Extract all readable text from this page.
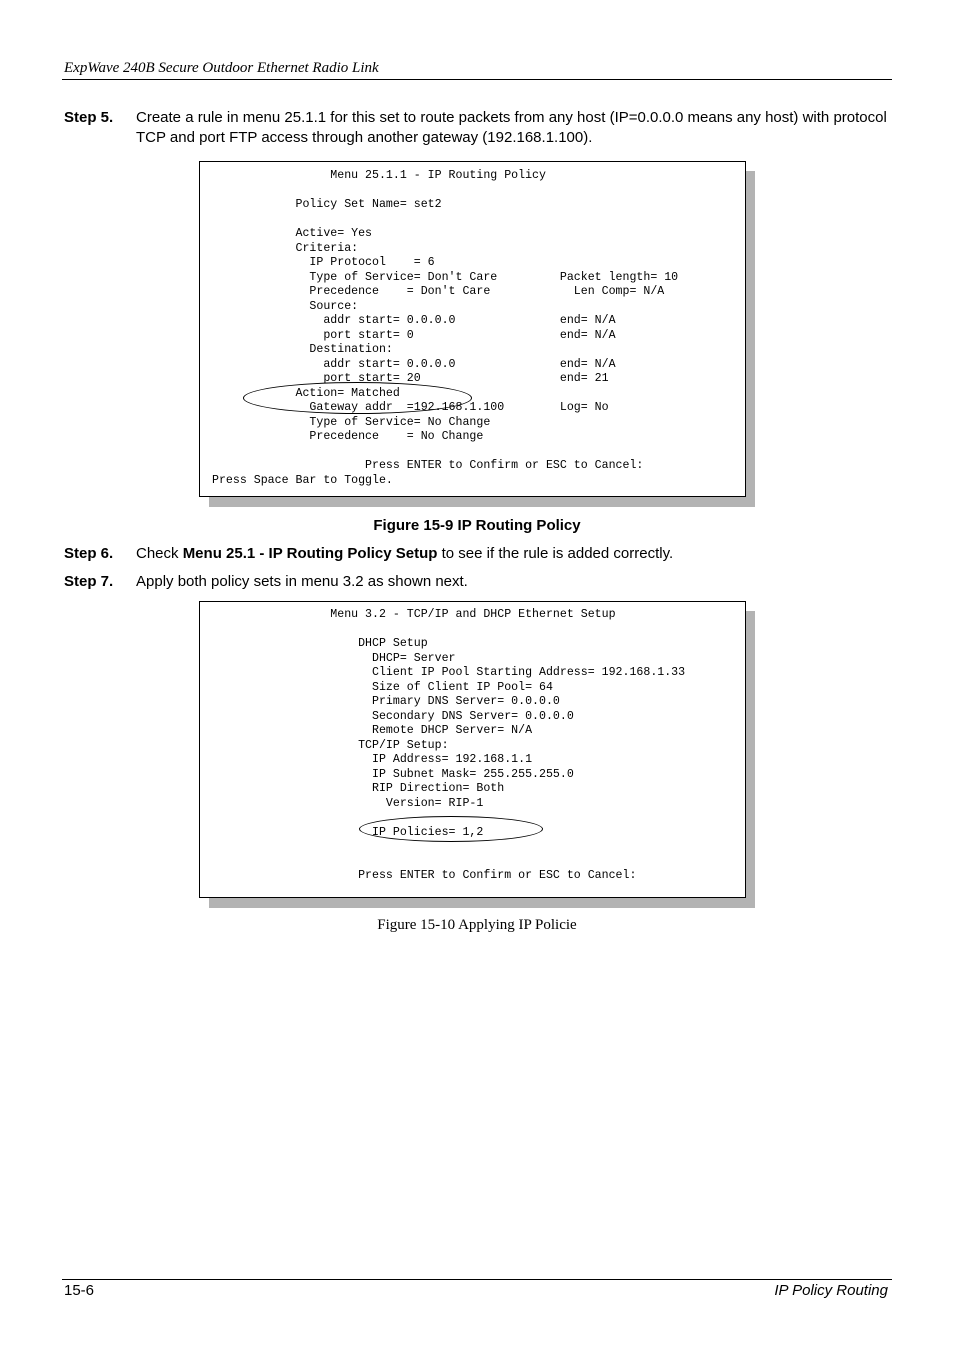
ExpWave 240B Secure Outdoor Ethernet Radio Link
Step 5.	Create a rule in menu 25.1.1 for this set to route packets from any host (IP=0.0.0.0 means any host) with protocol TCP and port FTP access through another gateway (192.168.1.100).
Menu 25.1.1 - IP Routing Policy

Policy Set Name= set2

Active= Yes
Criteria:
IP Protocol    = 6
Type of Service= Don't Care         Packet length= 10
Precedence    = Don't Care            Len Comp= N/A
Source:
addr start= 0.0.0.0               end= N/A
port start= 0                     end= N/A
Destination:
addr start= 0.0.0.0               end= N/A
port start= 20                    end= 21
Action= Matched
Gateway addr  =192.168.1.100        Log= No
Type of Service= No Change
Precedence    = No Change

Press ENTER to Confirm or ESC to Cancel:
Press Space Bar to Toggle.
Figure 15-9 IP Routing Policy
Step 6.	Check Menu 25.1 - IP Routing Policy Setup to see if the rule is added correctly.
Step 7.	Apply both policy sets in menu 3.2 as shown next.
Menu 3.2 - TCP/IP and DHCP Ethernet Setup

DHCP Setup
DHCP= Server
Client IP Pool Starting Address= 192.168.1.33
Size of Client IP Pool= 64
Primary DNS Server= 0.0.0.0
Secondary DNS Server= 0.0.0.0
Remote DHCP Server= N/A
TCP/IP Setup:
IP Address= 192.168.1.1
IP Subnet Mask= 255.255.255.0
RIP Direction= Both
Version= RIP-1

IP Policies= 1,2

Press ENTER to Confirm or ESC to Cancel:
Figure 15-10 Applying IP Policie
15-6	IP Policy Routing
